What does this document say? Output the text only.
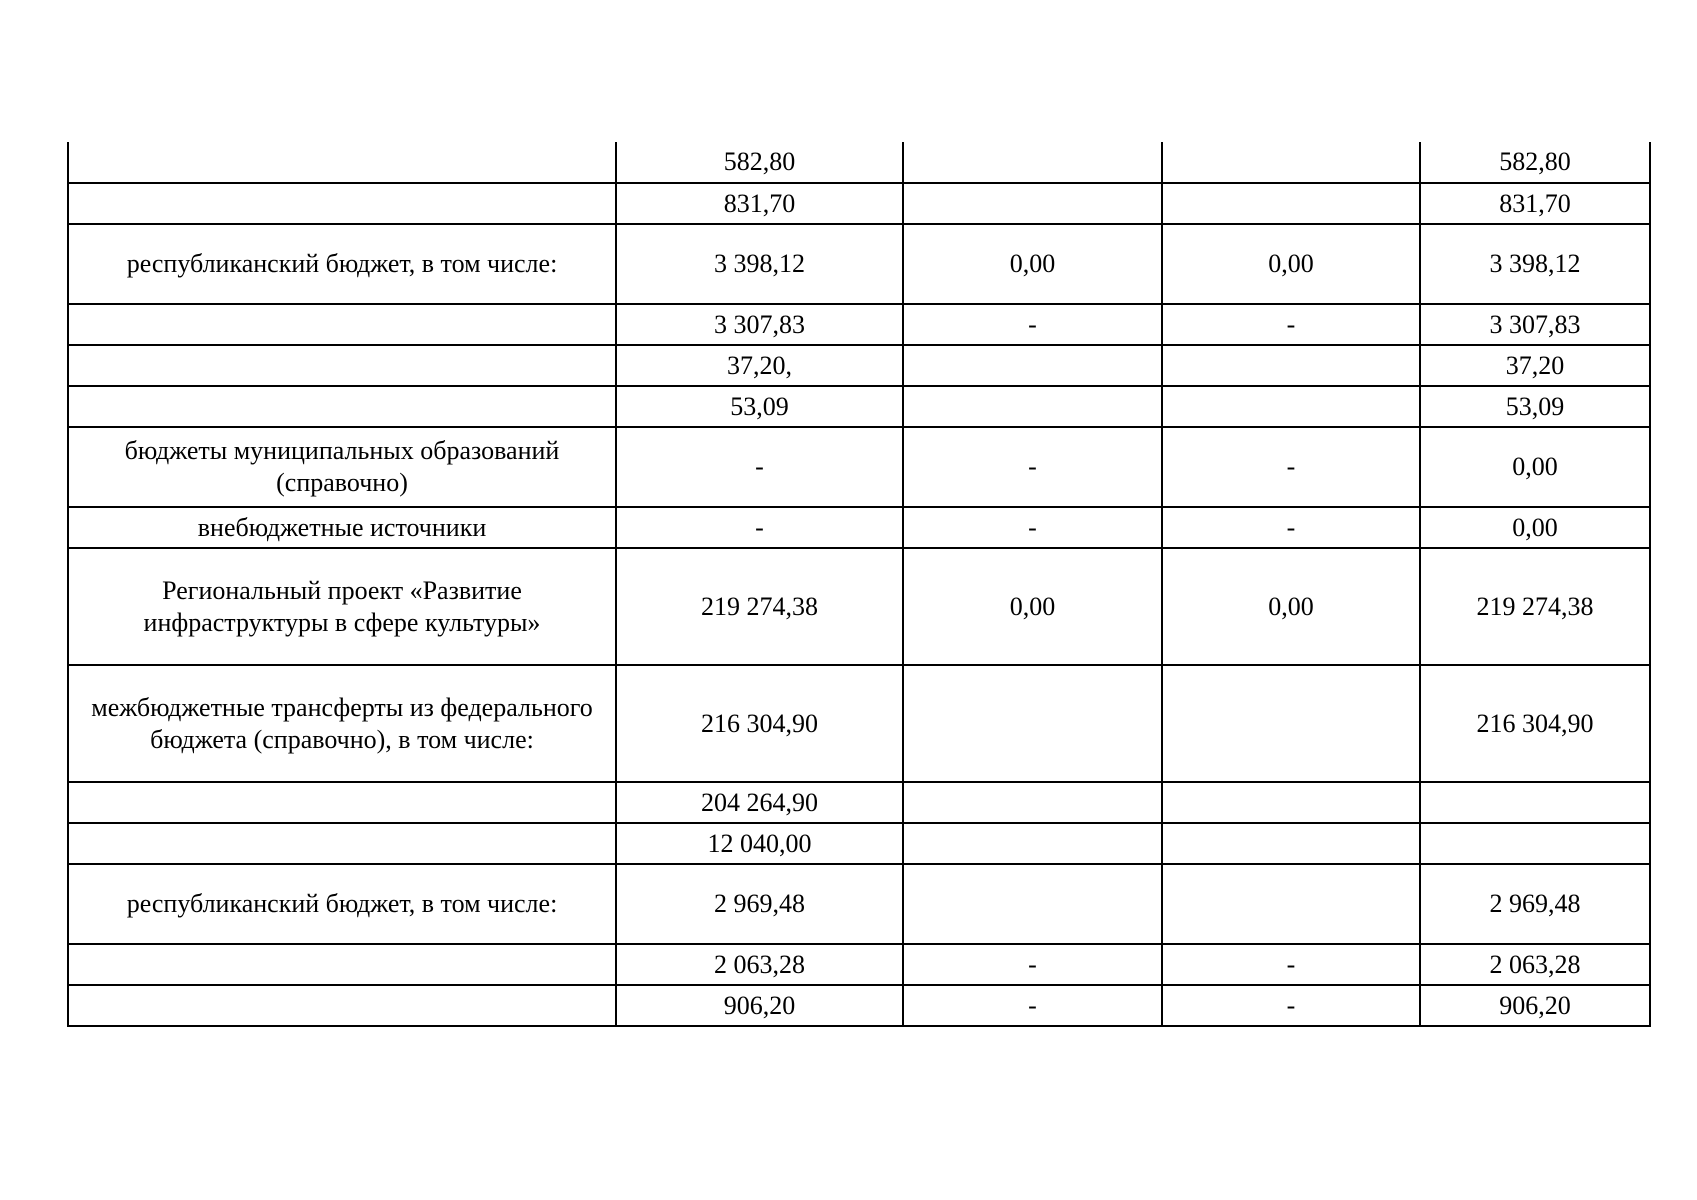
	582,80			582,80
	831,70			831,70
республиканский бюджет, в том числе:	3 398,12	0,00	0,00	3 398,12
	3 307,83	-	-	3 307,83
	37,20,			37,20
	53,09			53,09
бюджеты муниципальных образований (справочно)	-	-	-	0,00
внебюджетные источники	-	-	-	0,00
Региональный проект «Развитие инфраструктуры в сфере культуры»	219 274,38	0,00	0,00	219 274,38
межбюджетные трансферты из федерального бюджета (справочно), в том числе:	216 304,90			216 304,90
	204 264,90			
	12 040,00			
республиканский бюджет, в том числе:	2 969,48			2 969,48
	2 063,28	-	-	2 063,28
	906,20	-	-	906,20
